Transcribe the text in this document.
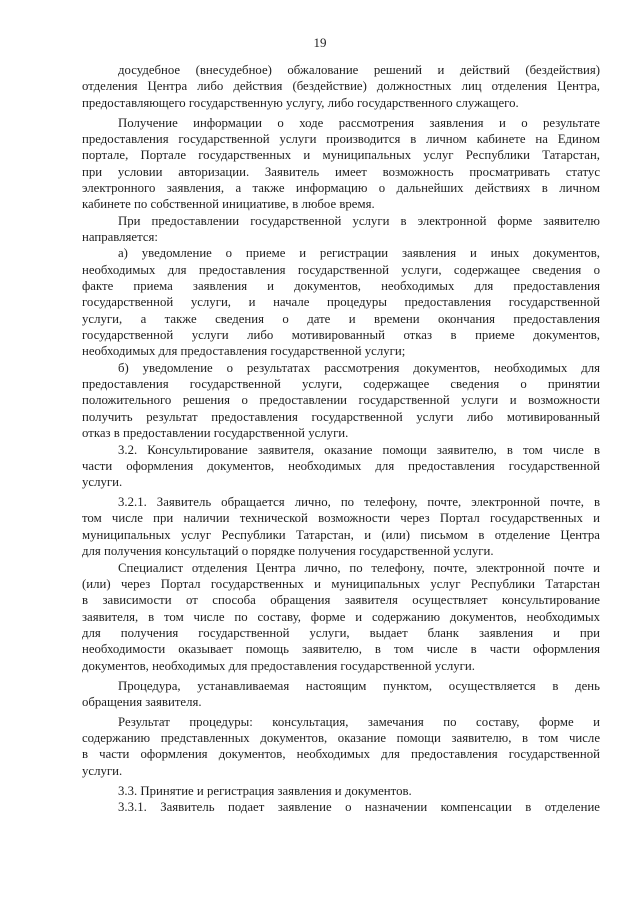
19
досудебное (внесудебное) обжалование решений и действий (бездействия)
отделения Центра либо действия (бездействие) должностных лиц отделения Центра,
предоставляющего государственную услугу, либо государственного служащего.
Получение информации о ходе рассмотрения заявления и о результате
предоставления государственной услуги производится в личном кабинете на Едином
портале, Портале государственных и муниципальных услуг Республики Татарстан,
при условии авторизации. Заявитель имеет возможность просматривать статус
электронного заявления, а также информацию о дальнейших действиях в личном
кабинете по собственной инициативе, в любое время.
При предоставлении государственной услуги в электронной форме заявителю
направляется:
а) уведомление о приеме и регистрации заявления и иных документов,
необходимых для предоставления государственной услуги, содержащее сведения о
факте приема заявления и документов, необходимых для предоставления
государственной услуги, и начале процедуры предоставления государственной
услуги, а также сведения о дате и времени окончания предоставления
государственной услуги либо мотивированный отказ в приеме документов,
необходимых для предоставления государственной услуги;
б) уведомление о результатах рассмотрения документов, необходимых для
предоставления государственной услуги, содержащее сведения о принятии
положительного решения о предоставлении государственной услуги и возможности
получить результат предоставления государственной услуги либо мотивированный
отказ в предоставлении государственной услуги.
3.2. Консультирование заявителя, оказание помощи заявителю, в том числе в
части оформления документов, необходимых для предоставления государственной
услуги.
3.2.1. Заявитель обращается лично, по телефону, почте, электронной почте, в
том числе при наличии технической возможности через Портал государственных и
муниципальных услуг Республики Татарстан, и (или) письмом в отделение Центра
для получения консультаций о порядке получения государственной услуги.
Специалист отделения Центра лично, по телефону, почте, электронной почте и
(или) через Портал государственных и муниципальных услуг Республики Татарстан
в зависимости от способа обращения заявителя осуществляет консультирование
заявителя, в том числе по составу, форме и содержанию документов, необходимых
для получения государственной услуги, выдает бланк заявления и при
необходимости оказывает помощь заявителю, в том числе в части оформления
документов, необходимых для предоставления государственной услуги.
Процедура, устанавливаемая настоящим пунктом, осуществляется в день
обращения заявителя.
Результат процедуры: консультация, замечания по составу, форме и
содержанию представленных документов, оказание помощи заявителю, в том числе
в части оформления документов, необходимых для предоставления государственной
услуги.
3.3. Принятие и регистрация заявления и документов.
3.3.1. Заявитель подает заявление о назначении компенсации в отделение
